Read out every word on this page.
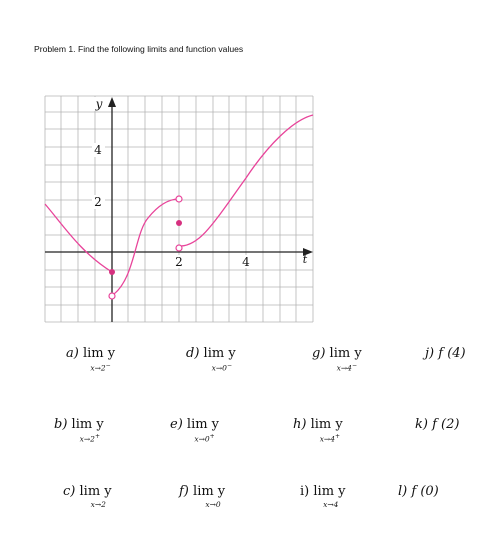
Problem 1. Find the following limits and function values
y
4
2
2	4	t
a) lim y
x→2−
d) lim y
x→0−
g) lim y
x→4−
j) f (4)
b) lim y
x→2+
e) lim y
x→0+
h) lim y
x→4+
k) f (2)
c) lim y
x→2
f) lim y
x→0
i) lim y
x→4
l) f (0)
